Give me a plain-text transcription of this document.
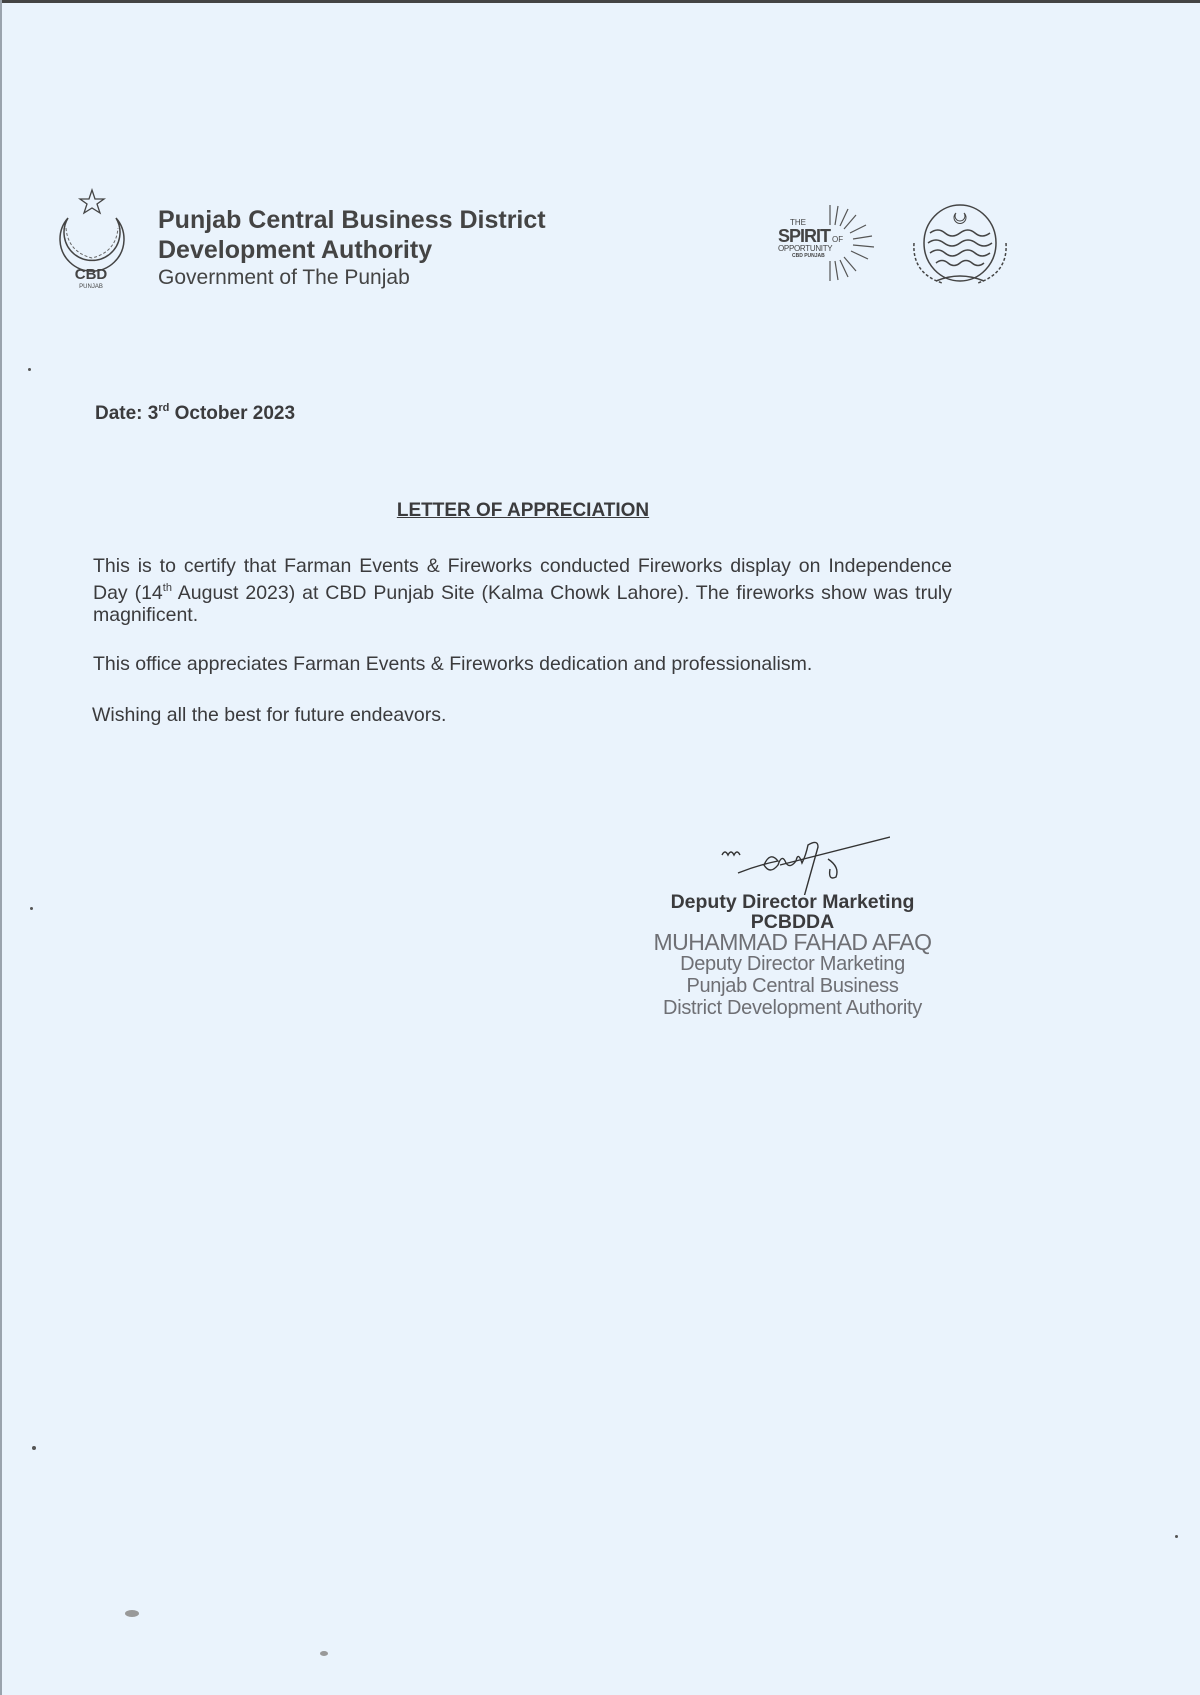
CBD
PUNJAB
Punjab Central Business District
Development Authority
Government of The Punjab
THE
SPIRIT OF
OPPORTUNITY
CBD PUNJAB
Date: 3rd October 2023
LETTER OF APPRECIATION
This is to certify that Farman Events & Fireworks conducted Fireworks display on Independence Day (14th August 2023) at CBD Punjab Site (Kalma Chowk Lahore). The fireworks show was truly magnificent.
This office appreciates Farman Events & Fireworks dedication and professionalism.
Wishing all the best for future endeavors.
Deputy Director Marketing
PCBDDA
MUHAMMAD FAHAD AFAQ
Deputy Director Marketing
Punjab Central Business
District Development Authority
